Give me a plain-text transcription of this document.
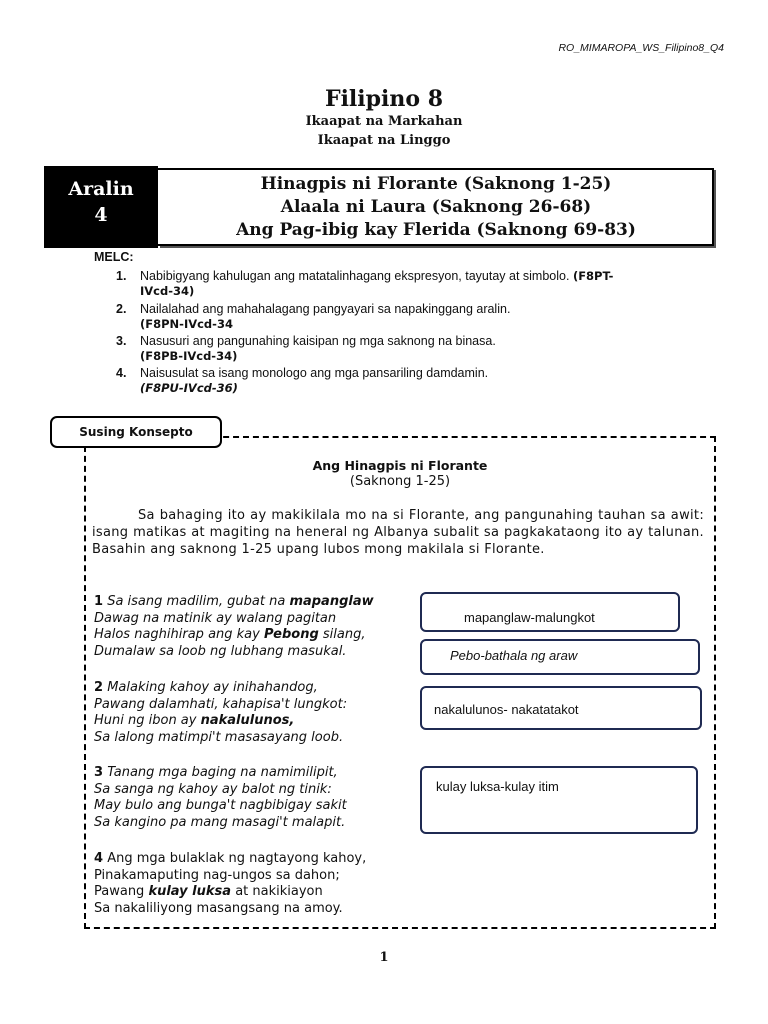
RO_MIMAROPA_WS_Filipino8_Q4
Filipino 8
Ikaapat na Markahan
Ikaapat na Linggo
Aralin
4
Hinagpis ni Florante (Saknong 1-25)
Alaala ni Laura (Saknong 26-68)
Ang Pag-ibig kay Flerida (Saknong 69-83)
MELC:
1. Nabibigyang kahulugan ang matatalinhagang ekspresyon, tayutay at simbolo. (F8PT-IVcd-34)
2. Nailalahad ang mahahalagang pangyayari sa napakinggang aralin.
(F8PN-IVcd-34
3. Nasusuri ang pangunahing kaisipan ng mga saknong na binasa.
(F8PB-IVcd-34)
4. Naisusulat sa isang monologo ang mga pansariling damdamin.
(F8PU-IVcd-36)
Susing Konsepto
Ang Hinagpis ni Florante
(Saknong 1-25)
Sa bahaging ito ay makikilala mo na si Florante, ang pangunahing tauhan sa awit: isang matikas at magiting na heneral ng Albanya subalit sa pagkakataong ito ay talunan. Basahin ang saknong 1-25 upang lubos mong makilala si Florante.
1 Sa isang madilim, gubat na mapanglaw
Dawag na matinik ay walang pagitan
Halos naghihirap ang kay Pebong silang,
Dumalaw sa loob ng lubhang masukal.
2 Malaking kahoy ay inihahandog,
Pawang dalamhati, kahapisa't lungkot:
Huni ng ibon ay nakalulunos,
Sa lalong matimpi't masasayang loob.
3 Tanang mga baging na namimilipit,
Sa sanga ng kahoy ay balot ng tinik:
May bulo ang bunga't nagbibigay sakit
Sa kangino pa mang masagi't malapit.
4 Ang mga bulaklak ng nagtayong kahoy,
Pinakamaputing nag-ungos sa dahon;
Pawang kulay luksa at nakikiayon
Sa nakaliliyong masangsang na amoy.
mapanglaw-malungkot
Pebo-bathala ng araw
nakalulunos- nakatatakot
kulay luksa-kulay itim
1
